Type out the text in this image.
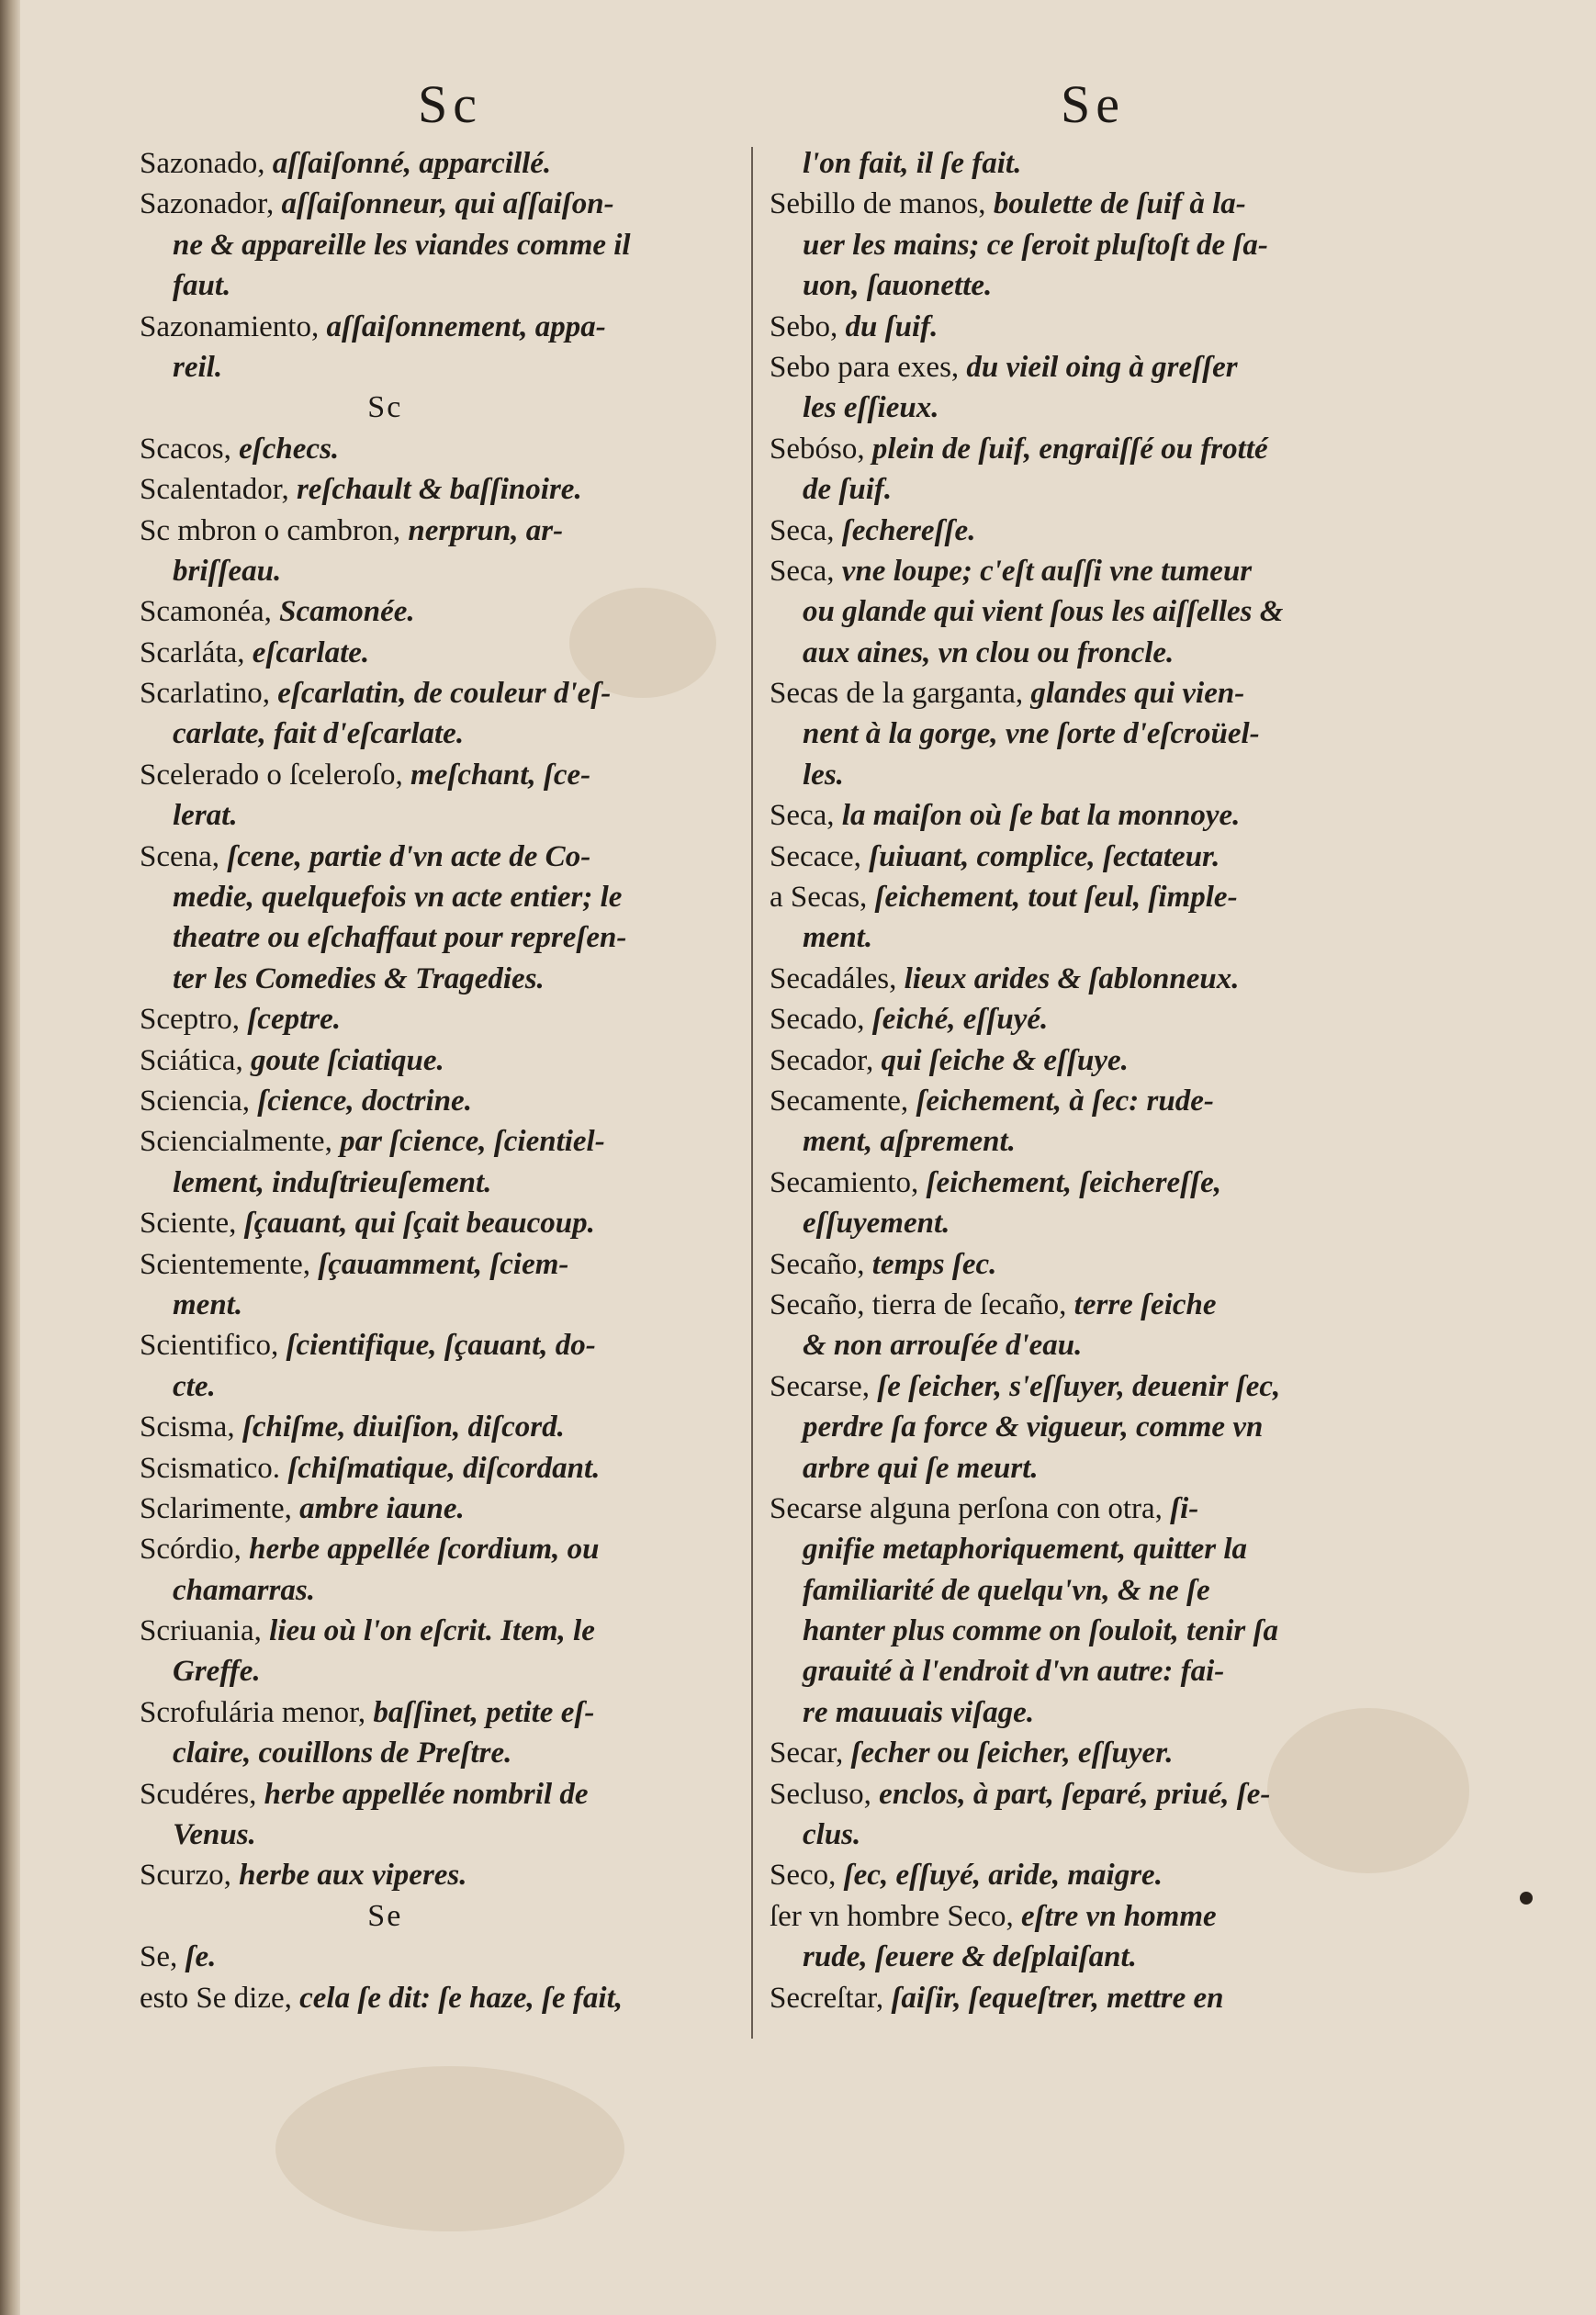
Sc	Se
Sazonado, aſſaiſonné, apparcillé.
Sazonador, aſſaiſonneur, qui aſſaiſon-
ne & appareille les viandes comme il
faut.
Sazonamiento, aſſaiſonnement, appa-
reil.
Sc
Scacos, eſchecs.
Scalentador, reſchault & baſſinoire.
Sc mbron o cambron, nerprun, ar-
briſſeau.
Scamonéa, Scamonée.
Scarláta, eſcarlate.
Scarlatino, eſcarlatin, de couleur d'eſ-
carlate, fait d'eſcarlate.
Scelerado o ſceleroſo, meſchant, ſce-
lerat.
Scena, ſcene, partie d'vn acte de Co-
medie, quelquefois vn acte entier; le
theatre ou eſchaffaut pour repreſen-
ter les Comedies & Tragedies.
Sceptro, ſceptre.
Sciática, goute ſciatique.
Sciencia, ſcience, doctrine.
Sciencialmente, par ſcience, ſcientiel-
lement, induſtrieuſement.
Sciente, ſçauant, qui ſçait beaucoup.
Scientemente, ſçauamment, ſciem-
ment.
Scientifico, ſcientifique, ſçauant, do-
cte.
Scisma, ſchiſme, diuiſion, diſcord.
Scismatico. ſchiſmatique, diſcordant.
Sclarimente, ambre iaune.
Scórdio, herbe appellée ſcordium, ou
chamarras.
Scriuania, lieu où l'on eſcrit. Item, le
Greffe.
Scrofulária menor, baſſinet, petite eſ-
claire, couillons de Preſtre.
Scudéres, herbe appellée nombril de
Venus.
Scurzo, herbe aux viperes.
Se
Se, ſe.
esto Se dize, cela ſe dit: ſe haze, ſe fait,
l'on fait, il ſe fait.
Sebillo de manos, boulette de ſuif à la-
uer les mains; ce ſeroit pluſtoſt de ſa-
uon, ſauonette.
Sebo, du ſuif.
Sebo para exes, du vieil oing à greſſer
les eſſieux.
Sebóso, plein de ſuif, engraiſſé ou frotté
de ſuif.
Seca, ſechereſſe.
Seca, vne loupe; c'eſt auſſi vne tumeur
ou glande qui vient ſous les aiſſelles &
aux aines, vn clou ou froncle.
Secas de la garganta, glandes qui vien-
nent à la gorge, vne ſorte d'eſcroüel-
les.
Seca, la maiſon où ſe bat la monnoye.
Secace, ſuiuant, complice, ſectateur.
a Secas, ſeichement, tout ſeul, ſimple-
ment.
Secadáles, lieux arides & ſablonneux.
Secado, ſeiché, eſſuyé.
Secador, qui ſeiche & eſſuye.
Secamente, ſeichement, à ſec: rude-
ment, aſprement.
Secamiento, ſeichement, ſeichereſſe,
eſſuyement.
Secaño, temps ſec.
Secaño, tierra de ſecaño, terre ſeiche
& non arrouſée d'eau.
Secarse, ſe ſeicher, s'eſſuyer, deuenir ſec,
perdre ſa force & vigueur, comme vn
arbre qui ſe meurt.
Secarse alguna perſona con otra, ſi-
gnifie metaphoriquement, quitter la
familiarité de quelqu'vn, & ne ſe
hanter plus comme on ſouloit, tenir ſa
grauité à l'endroit d'vn autre: fai-
re mauuais viſage.
Secar, ſecher ou ſeicher, eſſuyer.
Secluso, enclos, à part, ſeparé, priué, ſe-
clus.
Seco, ſec, eſſuyé, aride, maigre.
ſer vn hombre Seco, eſtre vn homme
rude, ſeuere & deſplaiſant.
Secreſtar, ſaiſir, ſequeſtrer, mettre en
